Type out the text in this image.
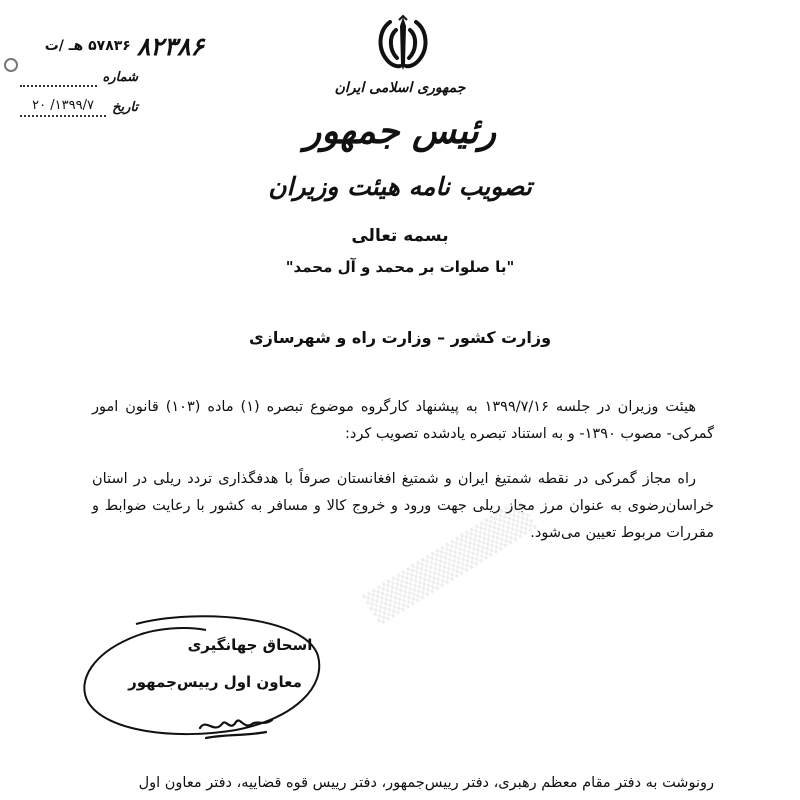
۸۲۳۸۶
۵۷۸۳۶ هـ /ت
شماره
تاریخ
۱۳۹۹/۷/ ۲۰
جمهوری اسلامی ایران
رئیس جمهور
تصویب نامه هیئت وزیران
بسمه تعالی
"با صلوات بر محمد و آل محمد"
وزارت کشور – وزارت راه و شهرسازی
هیئت وزیران در جلسه ۱۳۹۹/۷/۱۶ به پیشنهاد کارگروه موضوع تبصره (۱) ماده (۱۰۳) قانون امور گمرکی- مصوب ۱۳۹۰- و به استناد تبصره یادشده تصویب کرد:
راه مجاز گمرکی در نقطه شمتیغ ایران و شمتیغ افغانستان صرفاً با هدفگذاری تردد ریلی در استان خراسان‌رضوی به عنوان مرز مجاز ریلی جهت ورود و خروج کالا و مسافر به کشور با رعایت ضوابط و مقررات مربوط تعیین می‌شود.
▒▒▒▒▒▒▒▒
اسحاق جهانگیری
معاون اول رییس‌جمهور
رونوشت به دفتر مقام معظم رهبری، دفتر رییس‌جمهور، دفتر رییس قوه قضاییه، دفتر معاون اول
